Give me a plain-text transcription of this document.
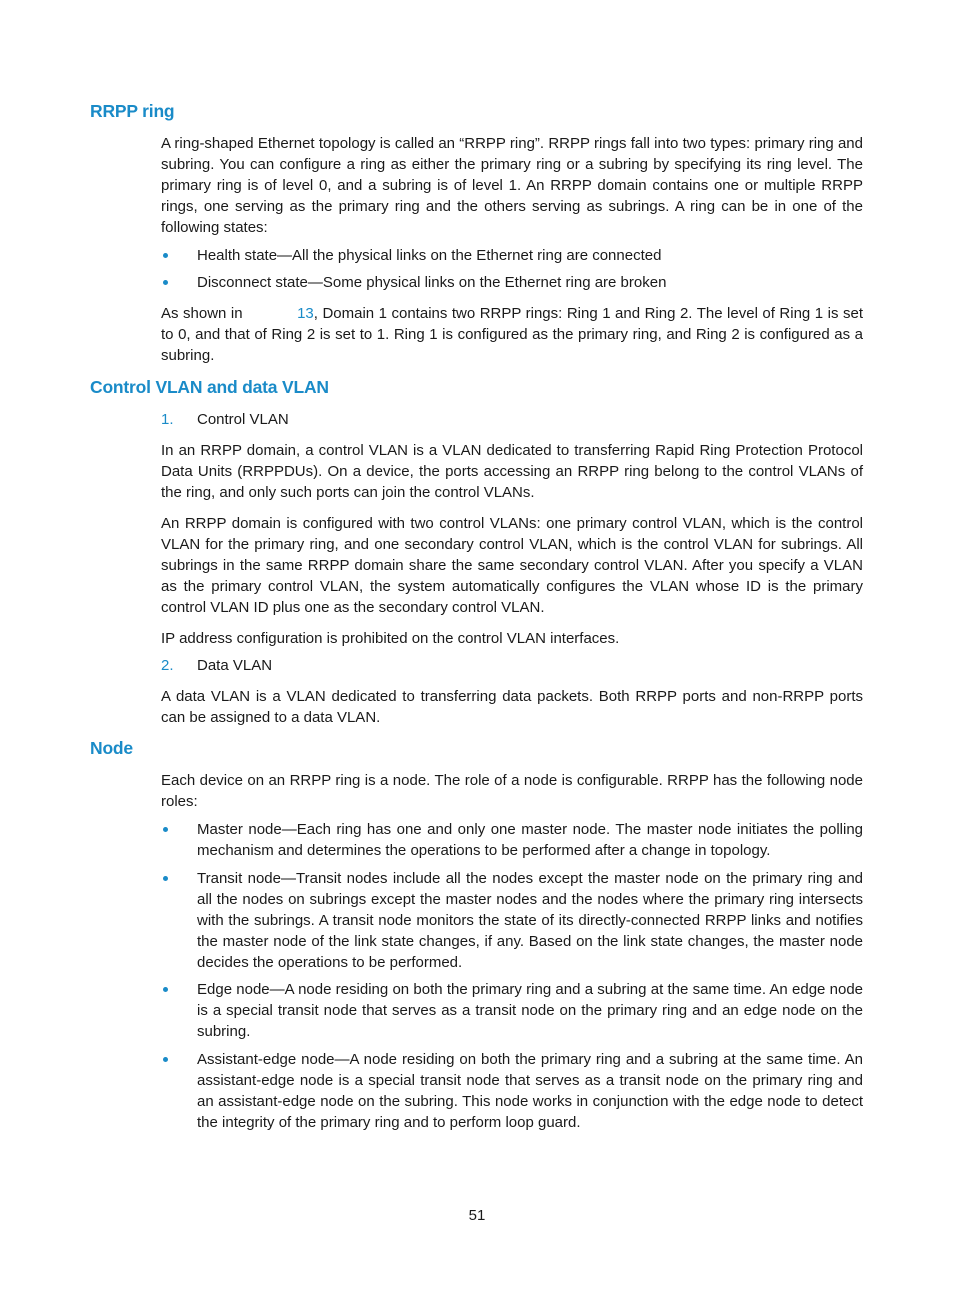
RRPP ring

A ring-shaped Ethernet topology is called an “RRPP ring”. RRPP rings fall into two types: primary ring and subring. You can configure a ring as either the primary ring or a subring by specifying its ring level. The primary ring is of level 0, and a subring is of level 1. An RRPP domain contains one or multiple RRPP rings, one serving as the primary ring and the others serving as subrings. A ring can be in one of the following states:

Health state—All the physical links on the Ethernet ring are connected
Disconnect state—Some physical links on the Ethernet ring are broken

As shown in	13, Domain 1 contains two RRPP rings: Ring 1 and Ring 2. The level of Ring 1 is set to 0, and that of Ring 2 is set to 1. Ring 1 is configured as the primary ring, and Ring 2 is configured as a subring.

Control VLAN and data VLAN
1.	Control VLAN

In an RRPP domain, a control VLAN is a VLAN dedicated to transferring Rapid Ring Protection Protocol Data Units (RRPPDUs). On a device, the ports accessing an RRPP ring belong to the control VLANs of the ring, and only such ports can join the control VLANs.

An RRPP domain is configured with two control VLANs: one primary control VLAN, which is the control VLAN for the primary ring, and one secondary control VLAN, which is the control VLAN for subrings. All subrings in the same RRPP domain share the same secondary control VLAN. After you specify a VLAN as the primary control VLAN, the system automatically configures the VLAN whose ID is the primary control VLAN ID plus one as the secondary control VLAN.

IP address configuration is prohibited on the control VLAN interfaces.

2.	Data VLAN

A data VLAN is a VLAN dedicated to transferring data packets. Both RRPP ports and non-RRPP ports can be assigned to a data VLAN.

Node

Each device on an RRPP ring is a node. The role of a node is configurable. RRPP has the following node roles:

Master node—Each ring has one and only one master node. The master node initiates the polling mechanism and determines the operations to be performed after a change in topology.
Transit node—Transit nodes include all the nodes except the master node on the primary ring and all the nodes on subrings except the master nodes and the nodes where the primary ring intersects with the subrings. A transit node monitors the state of its directly-connected RRPP links and notifies the master node of the link state changes, if any. Based on the link state changes, the master node decides the operations to be performed.
Edge node—A node residing on both the primary ring and a subring at the same time. An edge node is a special transit node that serves as a transit node on the primary ring and an edge node on the subring.
Assistant-edge node—A node residing on both the primary ring and a subring at the same time. An assistant-edge node is a special transit node that serves as a transit node on the primary ring and an assistant-edge node on the subring. This node works in conjunction with the edge node to detect the integrity of the primary ring and to perform loop guard.
51
